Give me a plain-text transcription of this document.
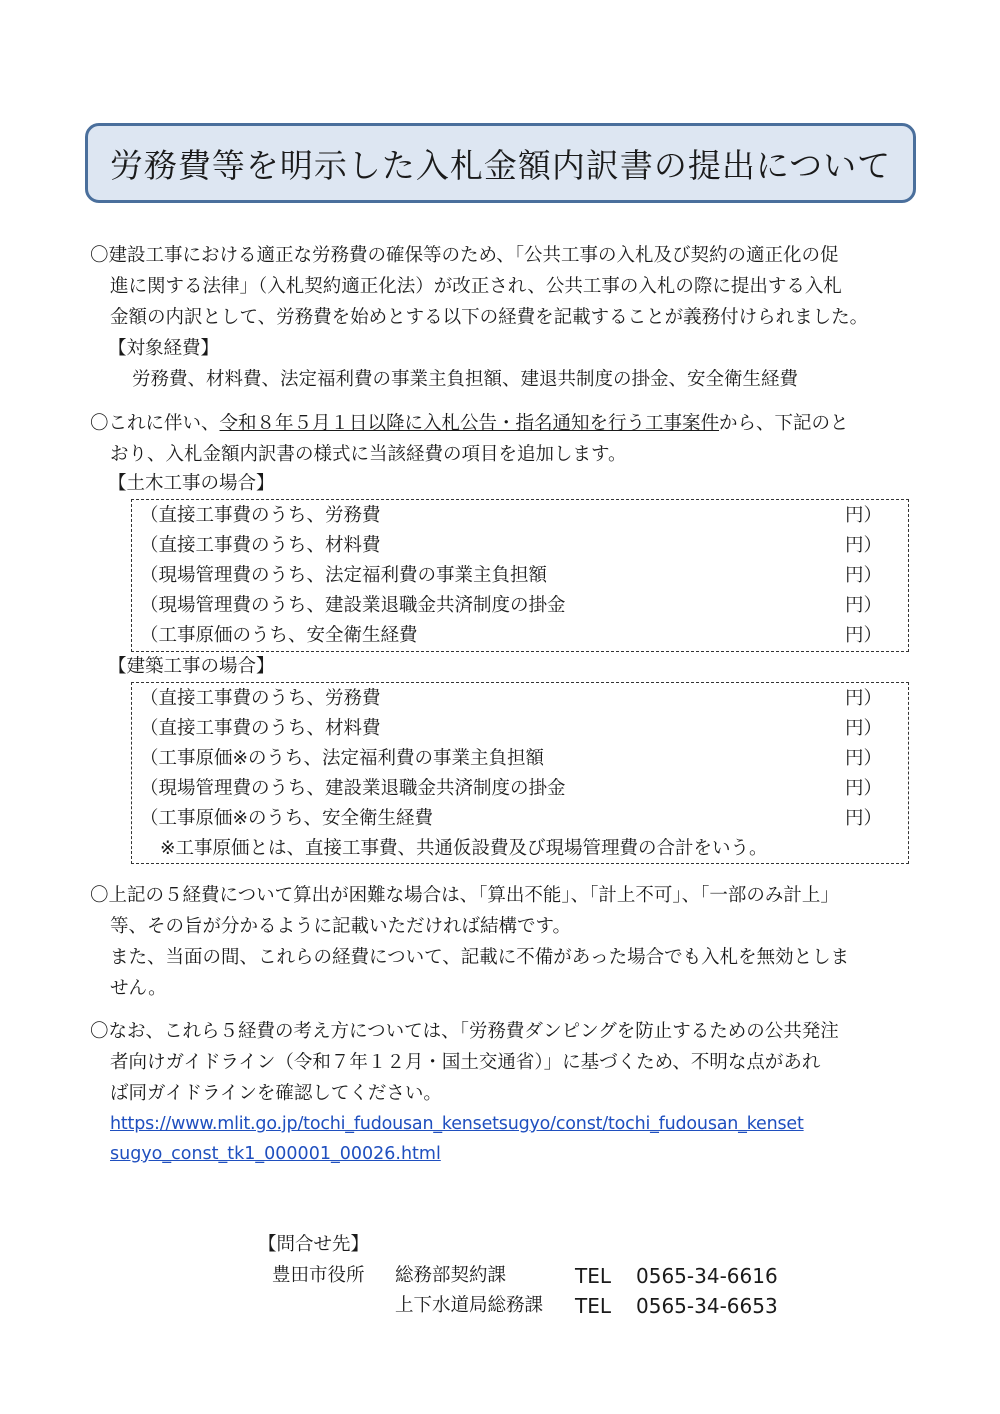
労務費等を明示した入札金額内訳書の提出について
〇建設工事における適正な労務費の確保等のため、「公共工事の入札及び契約の適正化の促
進に関する法律」（入札契約適正化法）が改正され、公共工事の入札の際に提出する入札
金額の内訳として、労務費を始めとする以下の経費を記載することが義務付けられました。
【対象経費】
労務費、材料費、法定福利費の事業主負担額、建退共制度の掛金、安全衛生経費
〇これに伴い、令和８年５月１日以降に入札公告・指名通知を行う工事案件から、下記のと
おり、入札金額内訳書の様式に当該経費の項目を追加します。
【土木工事の場合】
（直接工事費のうち、労務費
（直接工事費のうち、材料費
（現場管理費のうち、法定福利費の事業主負担額
（現場管理費のうち、建設業退職金共済制度の掛金
（工事原価のうち、安全衛生経費
円）
円）
円）
円）
円）
【建築工事の場合】
（直接工事費のうち、労務費
（直接工事費のうち、材料費
（工事原価※のうち、法定福利費の事業主負担額
（現場管理費のうち、建設業退職金共済制度の掛金
（工事原価※のうち、安全衛生経費
円）
円）
円）
円）
円）
※工事原価とは、直接工事費、共通仮設費及び現場管理費の合計をいう。
〇上記の５経費について算出が困難な場合は、「算出不能」、「計上不可」、「一部のみ計上」
等、その旨が分かるように記載いただければ結構です。
また、当面の間、これらの経費について、記載に不備があった場合でも入札を無効としま
せん。
〇なお、これら５経費の考え方については、「労務費ダンピングを防止するための公共発注
者向けガイドライン（令和７年１２月・国土交通省）」に基づくため、不明な点があれ
ば同ガイドラインを確認してください。
https://www.mlit.go.jp/tochi_fudousan_kensetsugyo/const/tochi_fudousan_kenset
sugyo_const_tk1_000001_00026.html
【問合せ先】
豊田市役所 総務部契約課	TEL 0565-34-6616
上下水道局総務課 TEL 0565-34-6653
